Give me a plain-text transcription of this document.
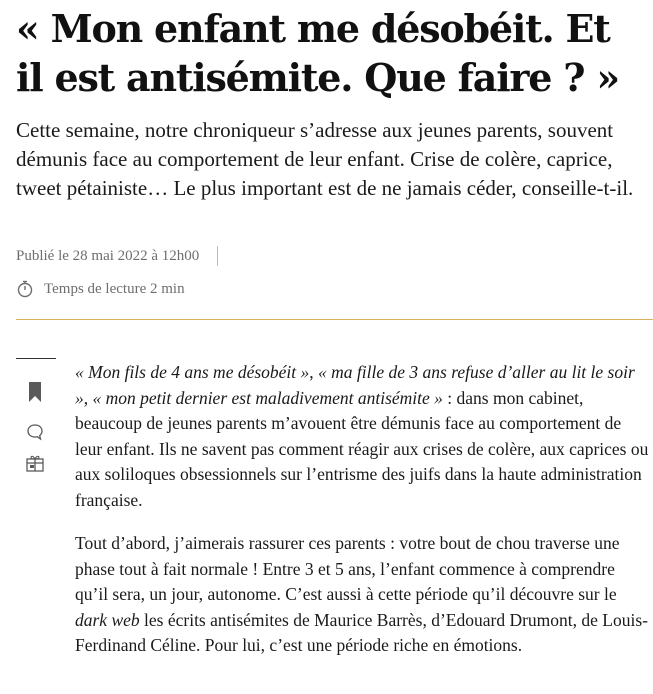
« Mon enfant me désobéit. Et il est antisémite. Que faire ? »

Cette semaine, notre chroniqueur s’adresse aux jeunes parents, souvent démunis face au comportement de leur enfant. Crise de colère, caprice, tweet pétainiste… Le plus important est de ne jamais céder, conseille-t-il.

Publié le 28 mai 2022 à 12h00
Temps de lecture 2 min

« Mon fils de 4 ans me désobéit », « ma fille de 3 ans refuse d’aller au lit le soir », « mon petit dernier est maladivement antisémite » : dans mon cabinet, beaucoup de jeunes parents m’avouent être démunis face au comportement de leur enfant. Ils ne savent pas comment réagir aux crises de colère, aux caprices ou aux soliloques obsessionnels sur l’entrisme des juifs dans la haute administration française.

Tout d’abord, j’aimerais rassurer ces parents : votre bout de chou traverse une phase tout à fait normale ! Entre 3 et 5 ans, l’enfant commence à comprendre qu’il sera, un jour, autonome. C’est aussi à cette période qu’il découvre sur le dark web les écrits antisémites de Maurice Barrès, d’Edouard Drumont, de Louis-Ferdinand Céline. Pour lui, c’est une période riche en émotions.
